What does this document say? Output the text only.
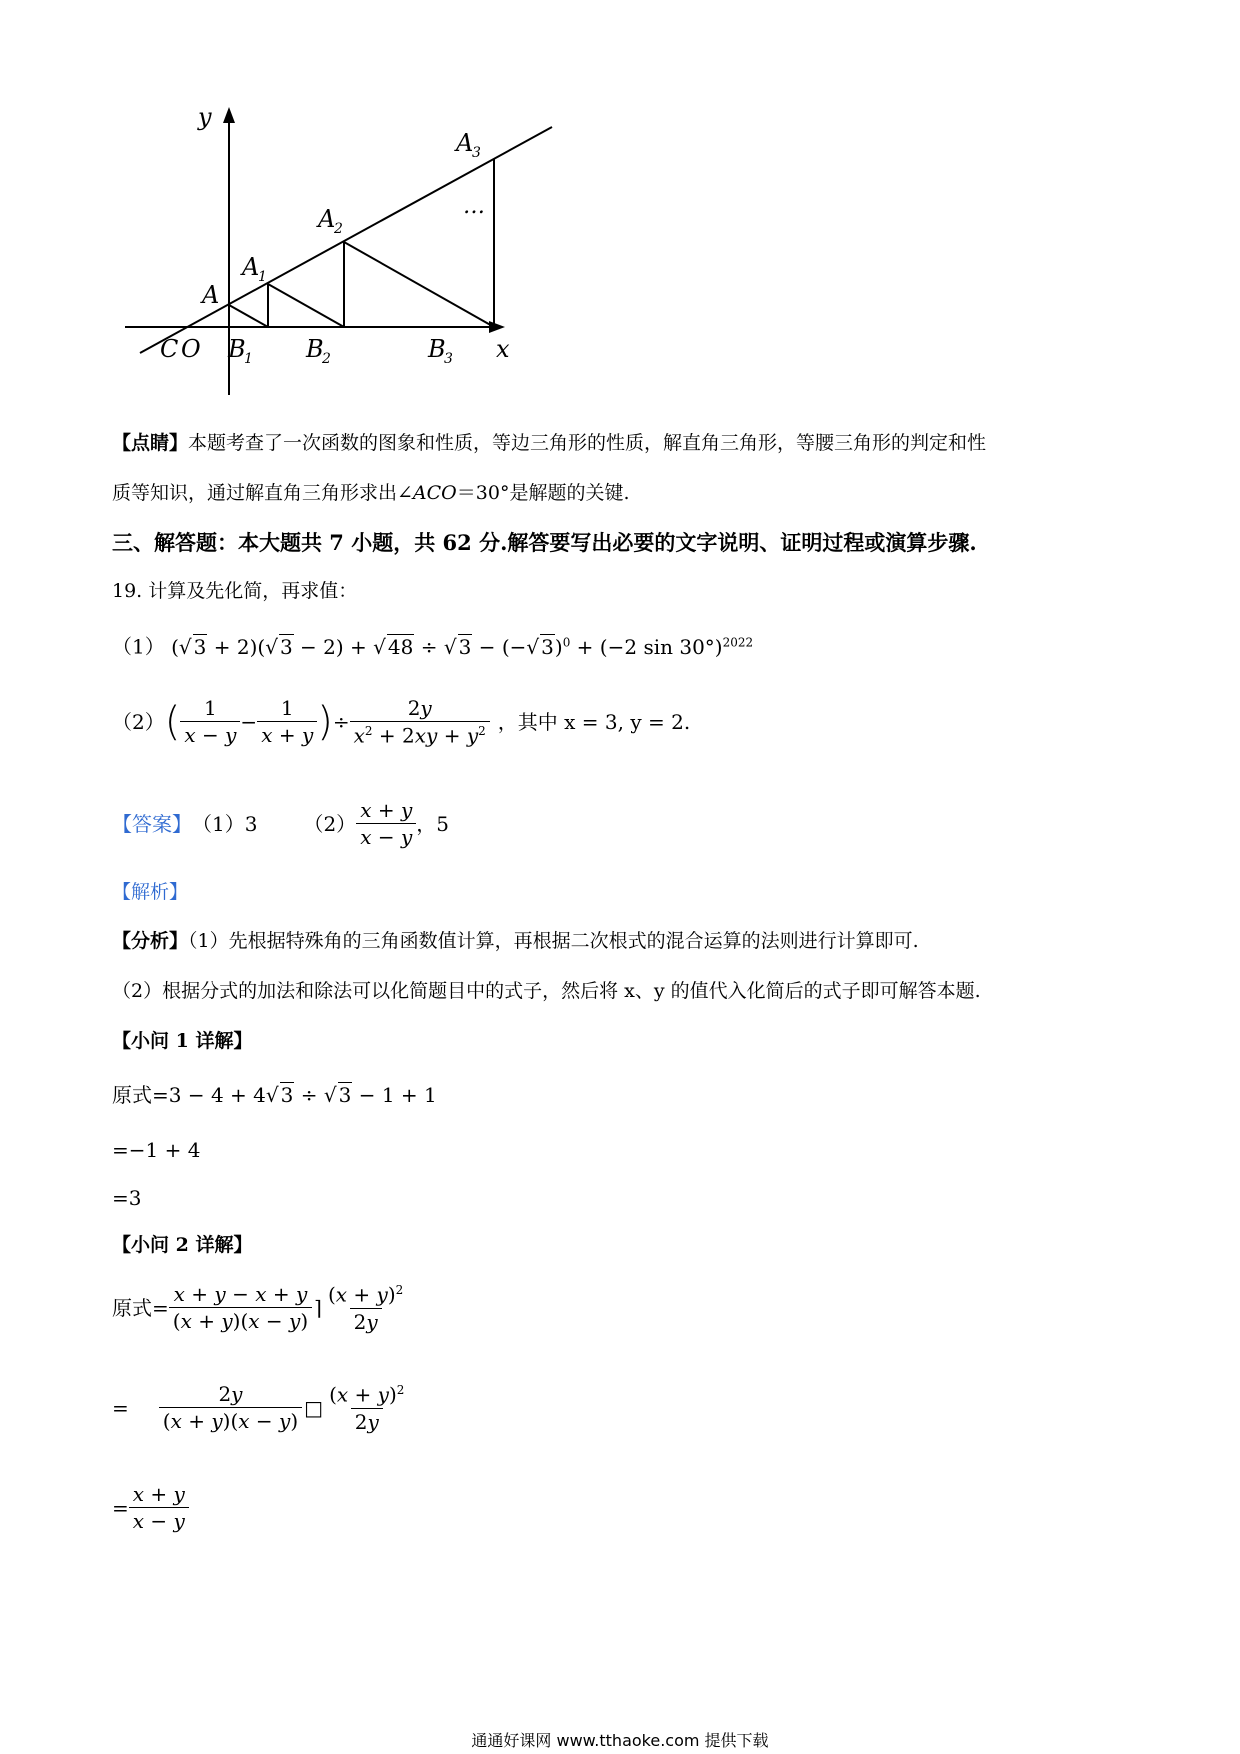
y
x
A
A
1
A
2
A
3
…
C O B
1 B
2	B
3
【点睛】本题考查了一次函数的图象和性质，等边三角形的性质，解直角三角形，等腰三角形的判定和性
质等知识，通过解直角三角形求出∠ACO＝30°是解题的关键.
三、解答题：本大题共 7 小题，共 62 分.解答要写出必要的文字说明、证明过程或演算步骤.
19. 计算及先化简，再求值：
（1） (√ 3 + 2)(√ 3 − 2) + √ 48 ÷ √ 3 − (−√ 3)$^0$ + (−2 sin 30°)$^{2022}$
（2） ( $\frac{1}{x - y} - \frac{1}{x + y}$ ) ÷ $\frac{2y}{x^2 + 2xy + y^2}$ ，其中 x = 3, y = 2.
【答案】 （1）3 $(2) \frac{x + y}{x - y}$ ，5
【解析】
【分析】（1）先根据特殊角的三角函数值计算，再根据二次根式的混合运算的法则进行计算即可.
（2）根据分式的加法和除法可以化简题目中的式子，然后将 x、y 的值代入化简后的式子即可解答本题.
【小问 1 详解】
原式=3 − 4 + 4√ 3 ÷ √ 3 − 1 + 1
=−1 + 4
=3
【小问 2 详解】
原式= $\frac{x + y - x + y}{(x + y)(x - y)}$ ⌉ $\frac{(x + y)^2}{2y}$
= $\frac{2y}{(x + y)(x - y)}$ □ $\frac{(x + y)^2}{2y}$
= $\frac{x + y}{x - y}$
通通好课网 www.tthaoke.com 提供下载
